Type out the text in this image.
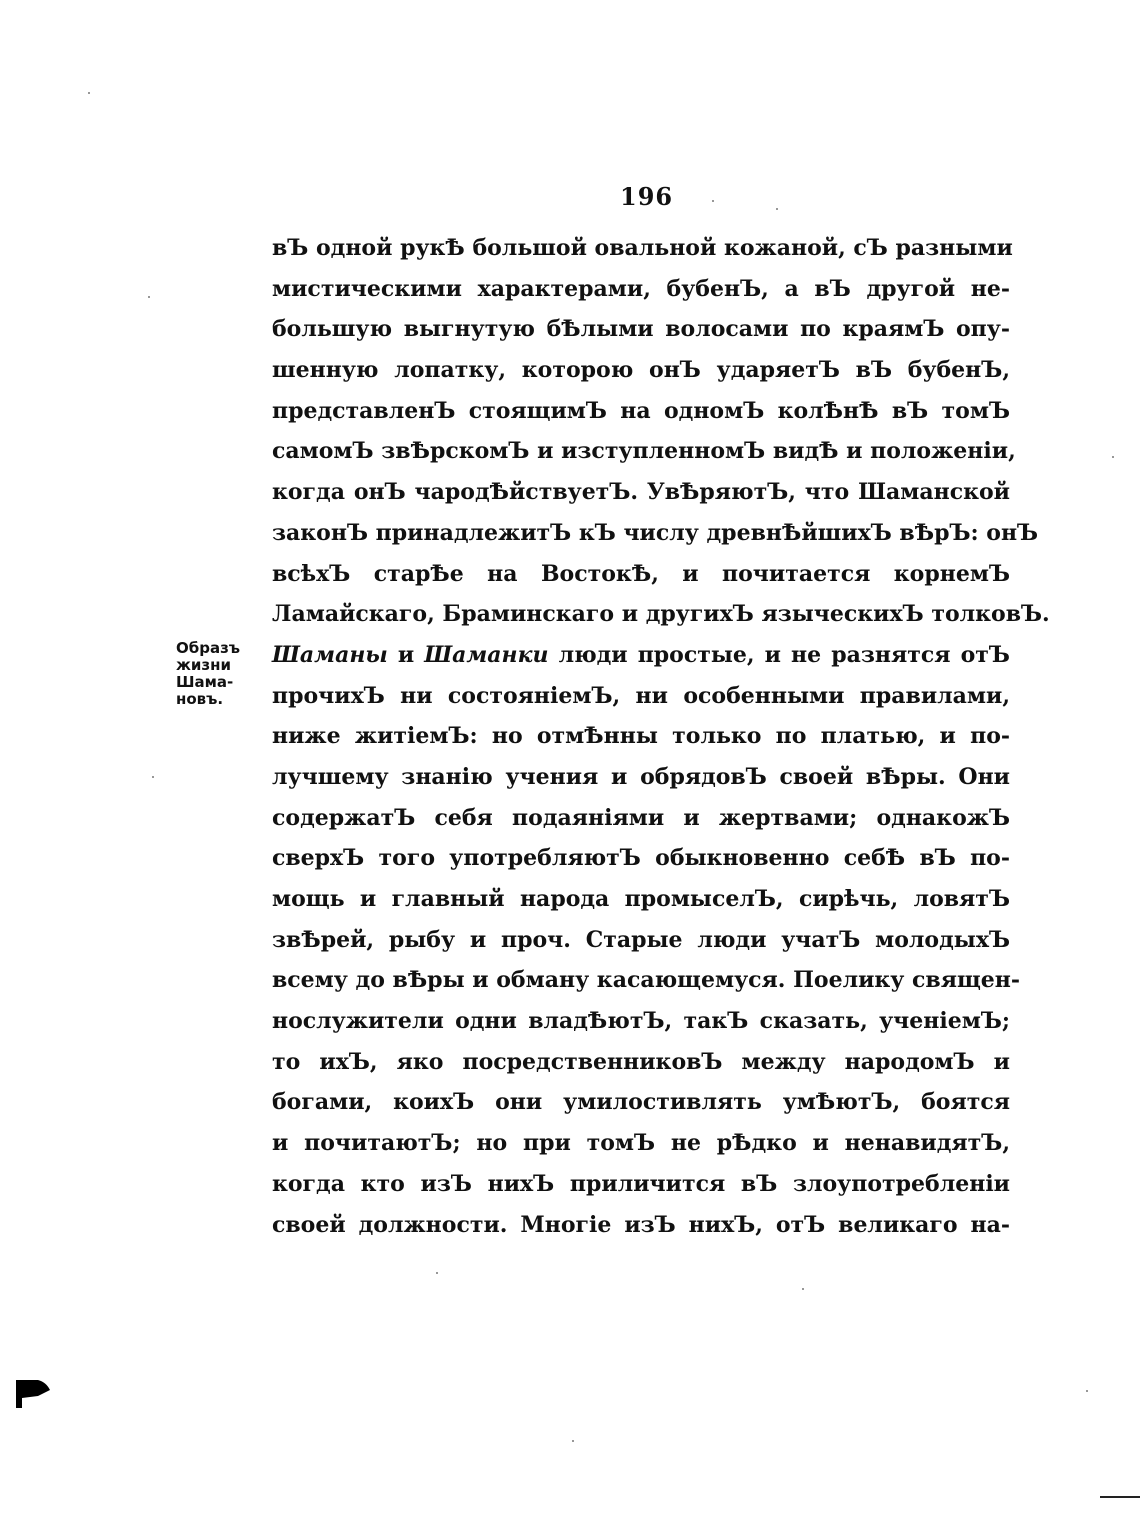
196
Образъ
жизни
Шама-
новъ.
вЪ одной рукѢ большой овальной кожаной, сЪ разными
мистическими характерами, бубенЪ, а вЪ другой не-
большую выгнутую бѢлыми волосами по краямЪ опу-
шенную лопатку, которою онЪ ударяетЪ вЪ бубенЪ,
представленЪ стоящимЪ на одномЪ колѢнѢ вЪ томЪ
самомЪ звѢрскомЪ и изступленномЪ видѢ и положенiи,
когда онЪ чародѢйствуетЪ. УвѢряютЪ, что Шаманской
законЪ принадлежитЪ кЪ числу древнѢйшихЪ вѢрЪ: онЪ
всѣхЪ старѢе на ВостокѢ, и почитается корнемЪ
Ламайскаго, Браминскаго и другихЪ языческихЪ толковЪ.
Шаманы и Шаманки люди простые, и не разнятся отЪ
прочихЪ ни состоянiемЪ, ни особенными правилами,
ниже житiемЪ: но отмѢнны только по платью, и по-
лучшему знанiю учения и обрядовЪ своей вѢры. Они
содержатЪ себя подаянiями и жертвами; однакожЪ
сверхЪ того употребляютЪ обыкновенно себѢ вЪ по-
мощь и главный народа промыселЪ, сирѣчь, ловятЪ
звѢрей, рыбу и проч. Старые люди учатЪ молодыхЪ
всему до вѢры и обману касающемуся. Поелику священ-
нослужители одни владѢютЪ, такЪ сказать, ученiемЪ;
то ихЪ, яко посредственниковЪ между народомЪ и
богами, коихЪ они умилостивлять умѢютЪ, боятся
и почитаютЪ; но при томЪ не рѢдко и ненавидятЪ,
когда кто изЪ нихЪ приличится вЪ злоупотребленiи
своей должности. Многiе изЪ нихЪ, отЪ великаго на-
